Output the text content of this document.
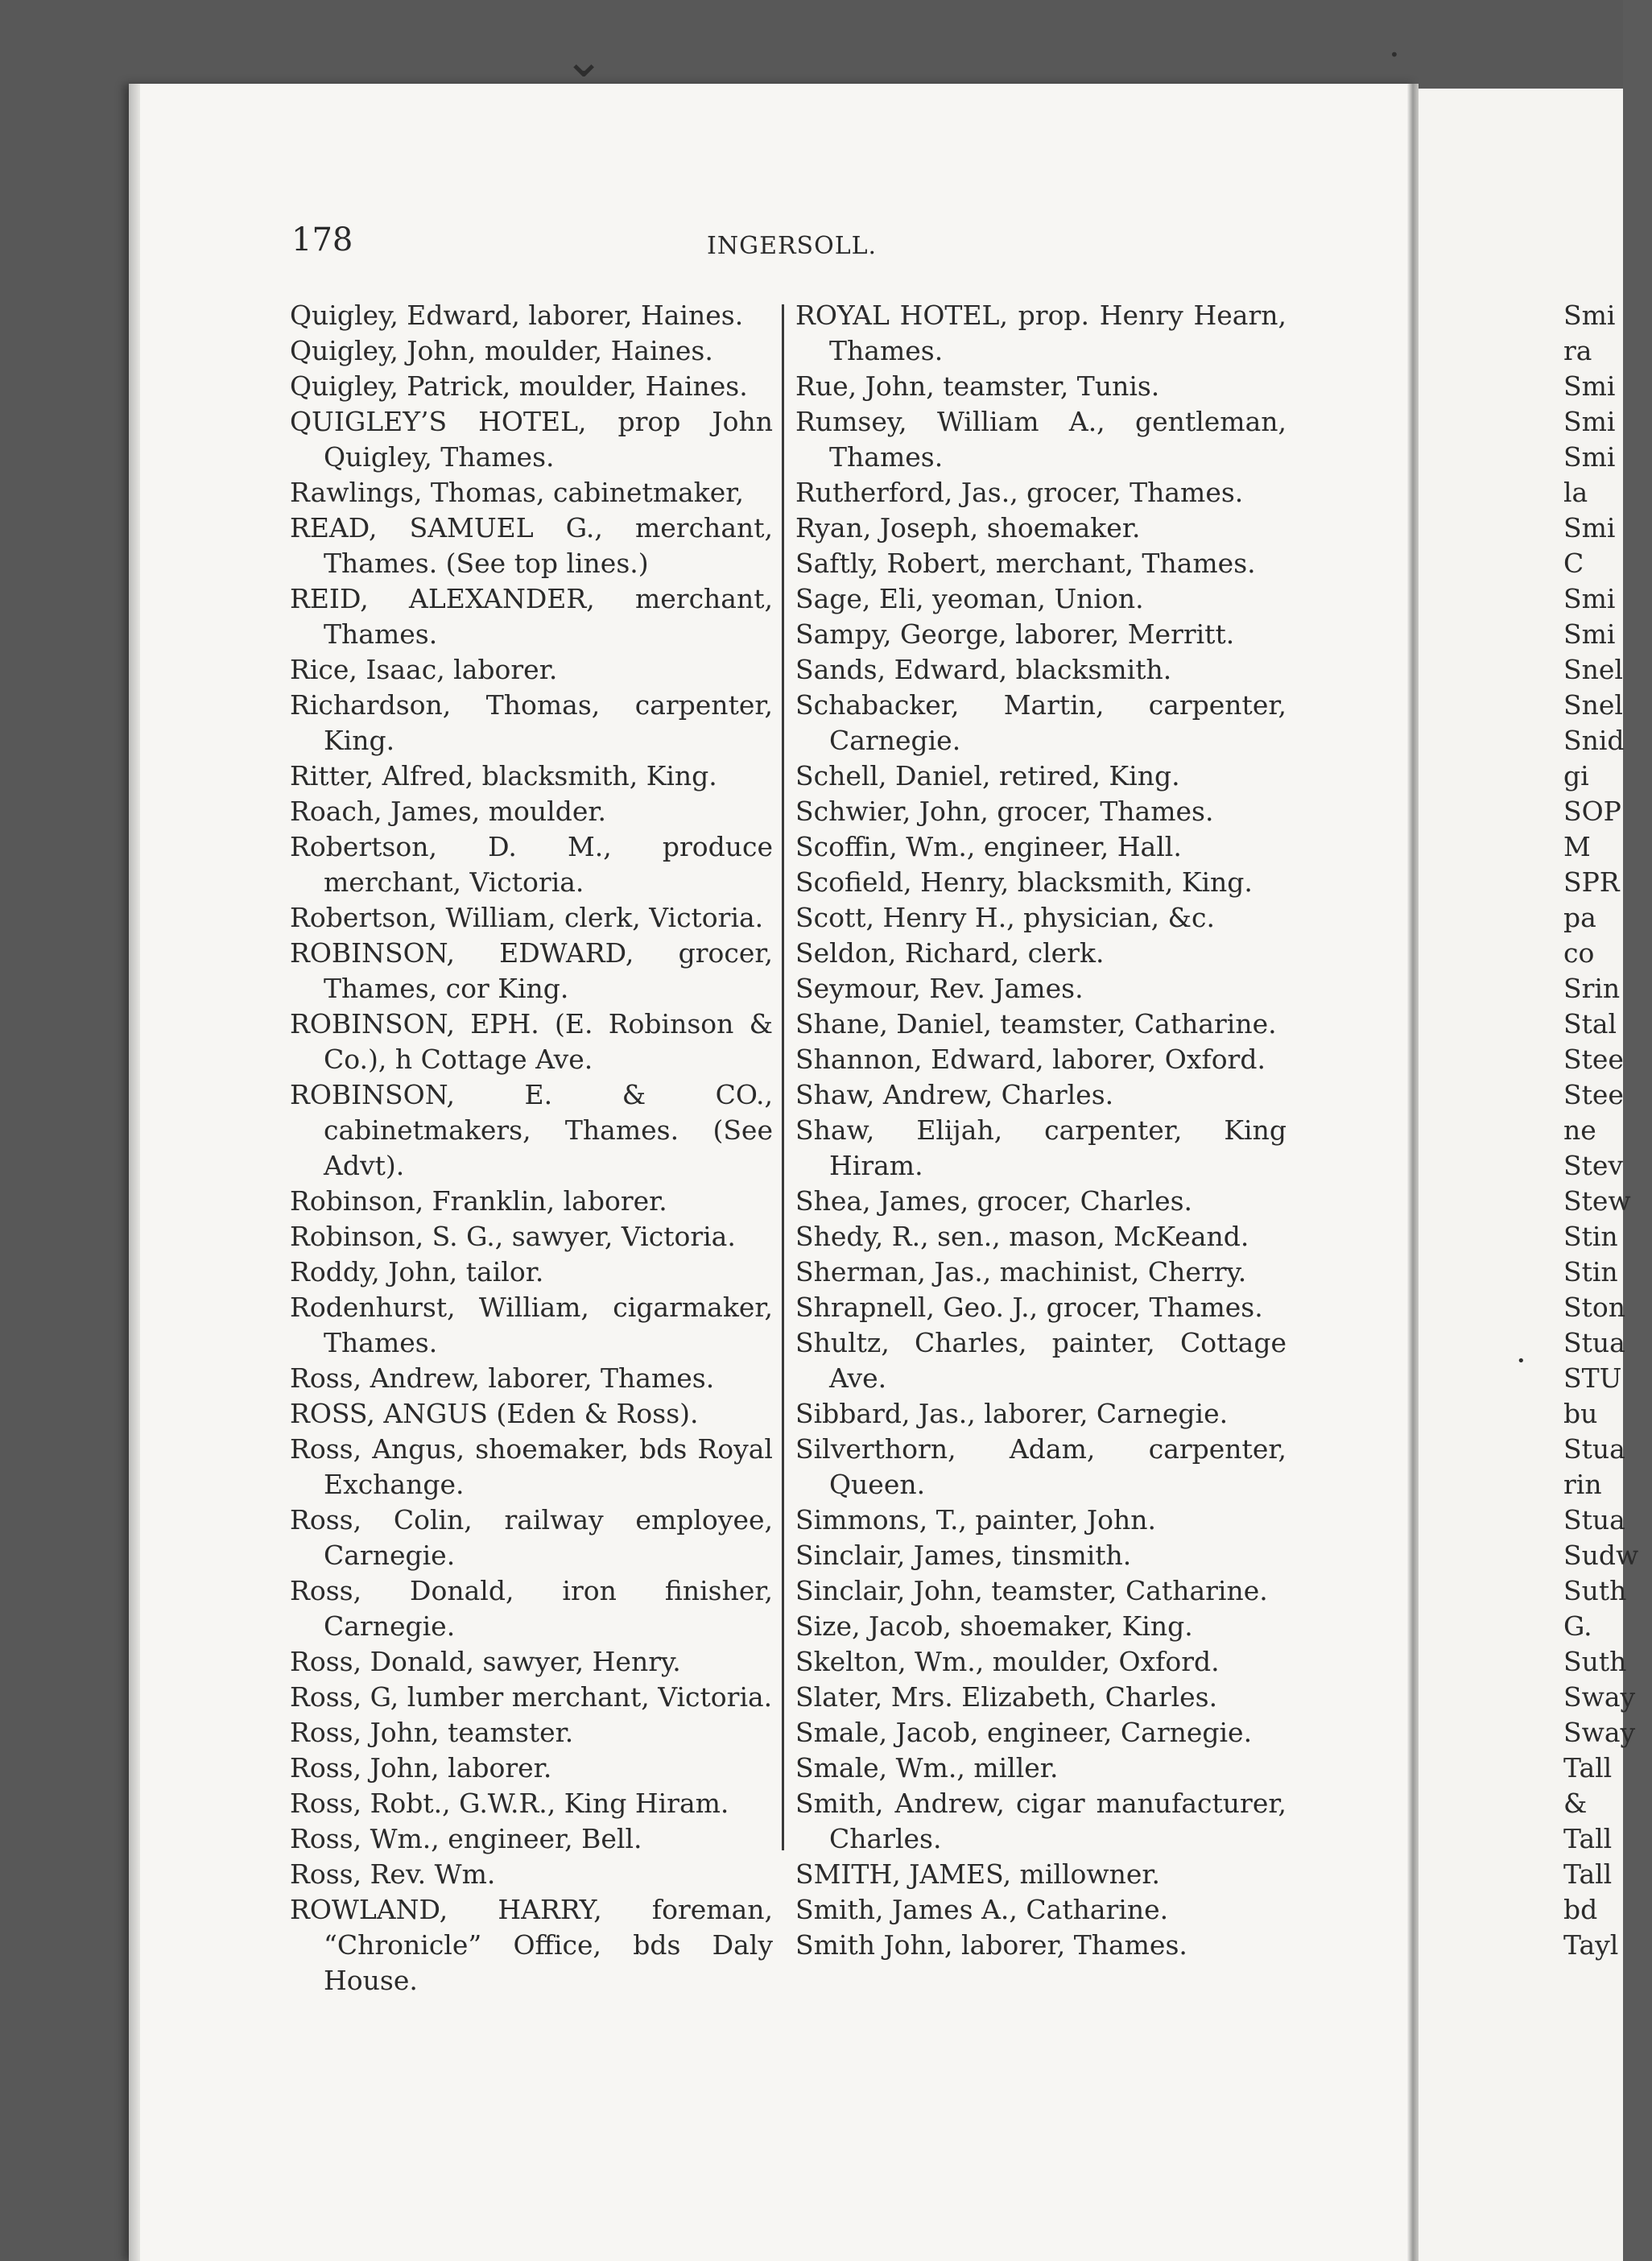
⌄	•
•
178	INGERSOLL.
Quigley, Edward, laborer, Haines.
Quigley, John, moulder, Haines.
Quigley, Patrick, moulder, Haines.
QUIGLEY’S HOTEL, prop John Quigley, Thames.
Rawlings, Thomas, cabinetmaker,
READ, SAMUEL G., merchant, Thames. (See top lines.)
REID, ALEXANDER, merchant, Thames.
Rice, Isaac, laborer.
Richardson, Thomas, carpenter, King.
Ritter, Alfred, blacksmith, King.
Roach, James, moulder.
Robertson, D. M., produce merchant, Victoria.
Robertson, William, clerk, Victoria.
ROBINSON, EDWARD, grocer, Thames, cor King.
ROBINSON, EPH. (E. Robinson & Co.), h Cottage Ave.
ROBINSON, E. & CO., cabinetmakers, Thames. (See Advt).
Robinson, Franklin, laborer.
Robinson, S. G., sawyer, Victoria.
Roddy, John, tailor.
Rodenhurst, William, cigarmaker, Thames.
Ross, Andrew, laborer, Thames.
ROSS, ANGUS (Eden & Ross).
Ross, Angus, shoemaker, bds Royal Exchange.
Ross, Colin, railway employee, Carnegie.
Ross, Donald, iron finisher, Carnegie.
Ross, Donald, sawyer, Henry.
Ross, G, lumber merchant, Victoria.
Ross, John, teamster.
Ross, John, laborer.
Ross, Robt., G.W.R., King Hiram.
Ross, Wm., engineer, Bell.
Ross, Rev. Wm.
ROWLAND, HARRY, foreman, “Chronicle” Office, bds Daly House.
ROYAL HOTEL, prop. Henry Hearn, Thames.
Rue, John, teamster, Tunis.
Rumsey, William A., gentleman, Thames.
Rutherford, Jas., grocer, Thames.
Ryan, Joseph, shoemaker.
Saftly, Robert, merchant, Thames.
Sage, Eli, yeoman, Union.
Sampy, George, laborer, Merritt.
Sands, Edward, blacksmith.
Schabacker, Martin, carpenter, Carnegie.
Schell, Daniel, retired, King.
Schwier, John, grocer, Thames.
Scoffin, Wm., engineer, Hall.
Scofield, Henry, blacksmith, King.
Scott, Henry H., physician, &c.
Seldon, Richard, clerk.
Seymour, Rev. James.
Shane, Daniel, teamster, Catharine.
Shannon, Edward, laborer, Oxford.
Shaw, Andrew, Charles.
Shaw, Elijah, carpenter, King Hiram.
Shea, James, grocer, Charles.
Shedy, R., sen., mason, McKeand.
Sherman, Jas., machinist, Cherry.
Shrapnell, Geo. J., grocer, Thames.
Shultz, Charles, painter, Cottage Ave.
Sibbard, Jas., laborer, Carnegie.
Silverthorn, Adam, carpenter, Queen.
Simmons, T., painter, John.
Sinclair, James, tinsmith.
Sinclair, John, teamster, Catharine.
Size, Jacob, shoemaker, King.
Skelton, Wm., moulder, Oxford.
Slater, Mrs. Elizabeth, Charles.
Smale, Jacob, engineer, Carnegie.
Smale, Wm., miller.
Smith, Andrew, cigar manufacturer, Charles.
SMITH, JAMES, millowner.
Smith, James A., Catharine.
Smith John, laborer, Thames.
Smi
ra
Smi
Smi
Smi
la
Smi
C
Smi
Smi
Snel
Snel
Snid
gi
SOP
M
SPR
pa
co
Srin
Stal
Stee
Stee
ne
Stev
Stew
Stin
Stin
Ston
Stua
STU
bu
Stua
rin
Stua
Sudw
Suth
G.
Suth
Sway
Sway
Tall
&
Tall
Tall
bd
Tayl
